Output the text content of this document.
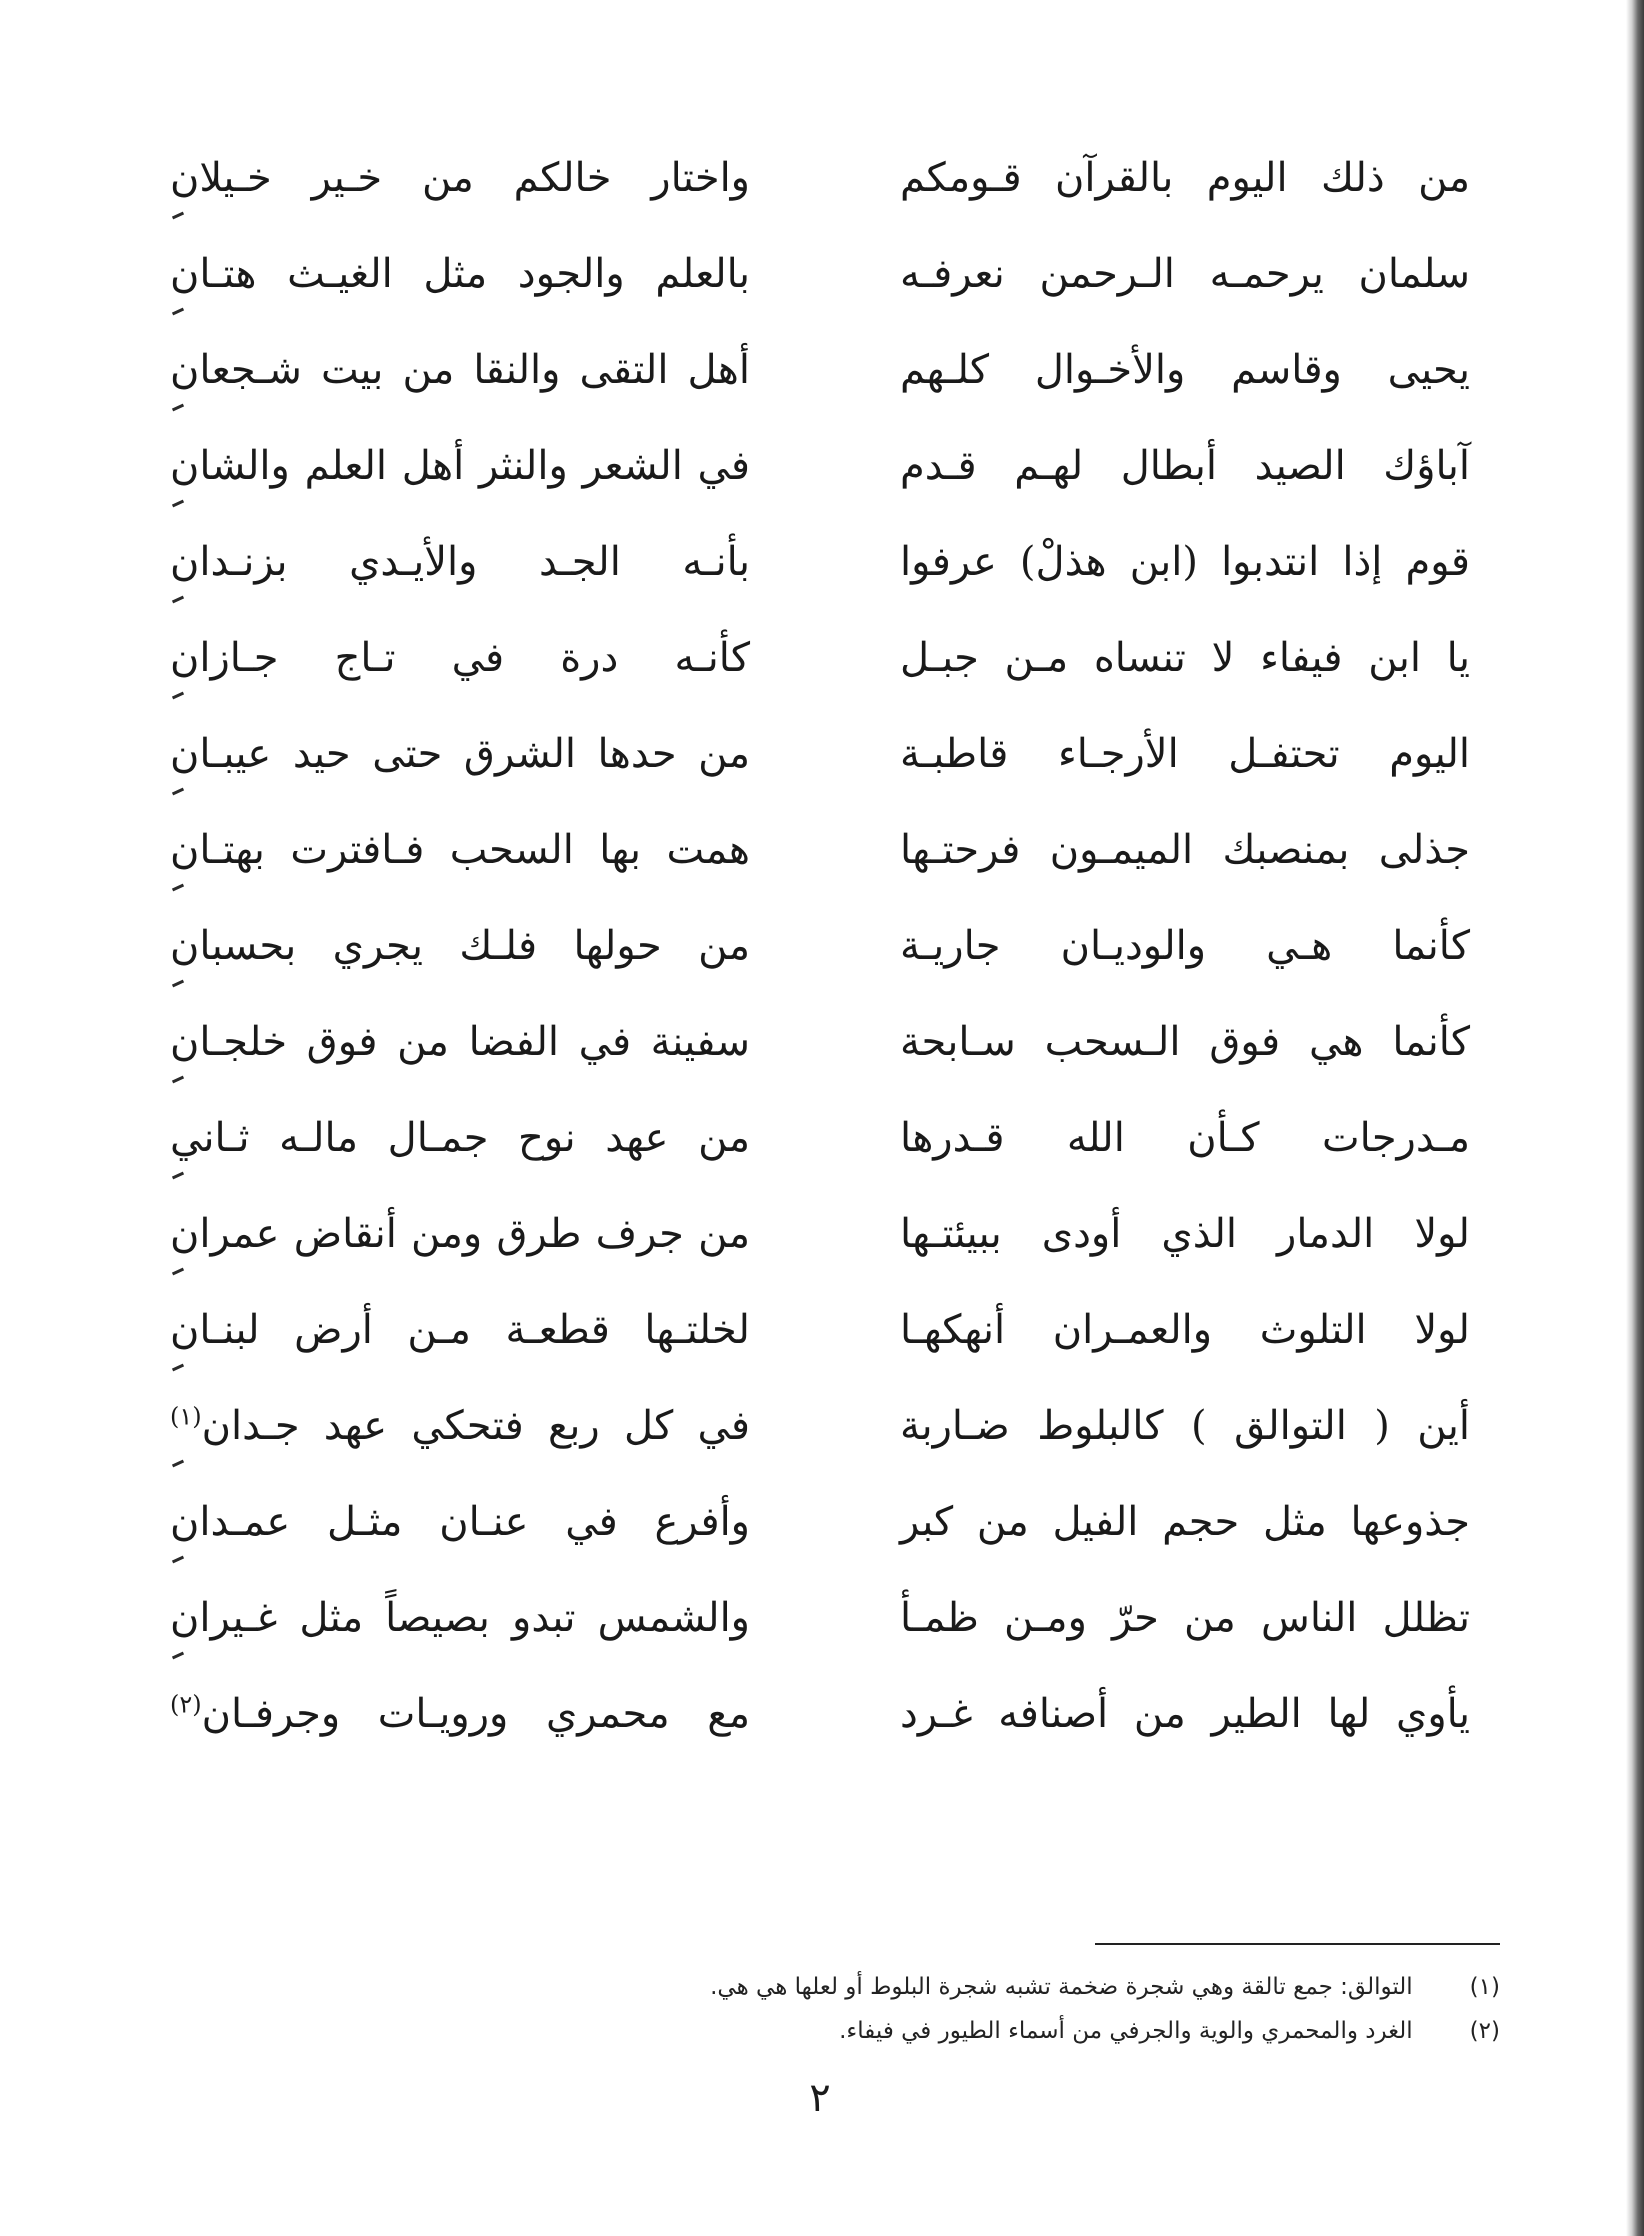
من ذلك اليوم بالقرآن قـومكم
واختار خالكم من خـير خـيلان
سلمان يرحمـه الـرحمن نعرفـه
بالعلم والجود مثل الغيـث هتـان
يحيى وقاسم والأخـوال كلـهم
أهل التقى والنقا من بيت شـجعان
آباؤك الصيد أبطال لهـم قـدم
في الشعر والنثر أهل العلم والشان
قوم إذا انتدبوا (ابن هذلْ) عرفوا
بأنـه الجـد والأيـدي بزنـدان
يا ابن فيفاء لا تنساه مـن جبـل
كأنـه درة في تـاج جـازان
اليوم تحتفـل الأرجـاء قاطبـة
من حدها الشرق حتى حيد عيبـان
جذلى بمنصبك الميمـون فرحتـها
همت بها السحب فـافترت بهتـان
كأنما هـي والوديـان جاريـة
من حولها فلـك يجري بحسبان
كأنما هي فوق الـسحب سـابحة
سفينة في الفضا من فوق خلجـان
مـدرجات كـأن الله قـدرها
من عهد نوح جمـال مالـه ثـاني
لولا الدمار الذي أودى ببيئتـها
من جرف طرق ومن أنقاض عمران
لولا التلوث والعمـران أنهكهـا
لخلتـها قطعـة مـن أرض لبنـان
أين ( التوالق ) كالبلوط ضـاربة
في كل ربع فتحكي عهد جـدان$^{(١)}$
جذوعها مثل حجم الفيل من كبر
وأفرع في عنـان مثـل عمـدان
تظلل الناس من حرّ ومـن ظمـأ
والشمس تبدو بصيصاً مثل غـيران
يأوي لها الطير من أصنافه غـرد
مع محمري ورويـات وجرفـان$^{(٢)}$
(١) التوالق: جمع تالقة وهي شجرة ضخمة تشبه شجرة البلوط أو لعلها هي هي.
(٢) الغرد والمحمري والوية والجرفي من أسماء الطيور في فيفاء.
٢
